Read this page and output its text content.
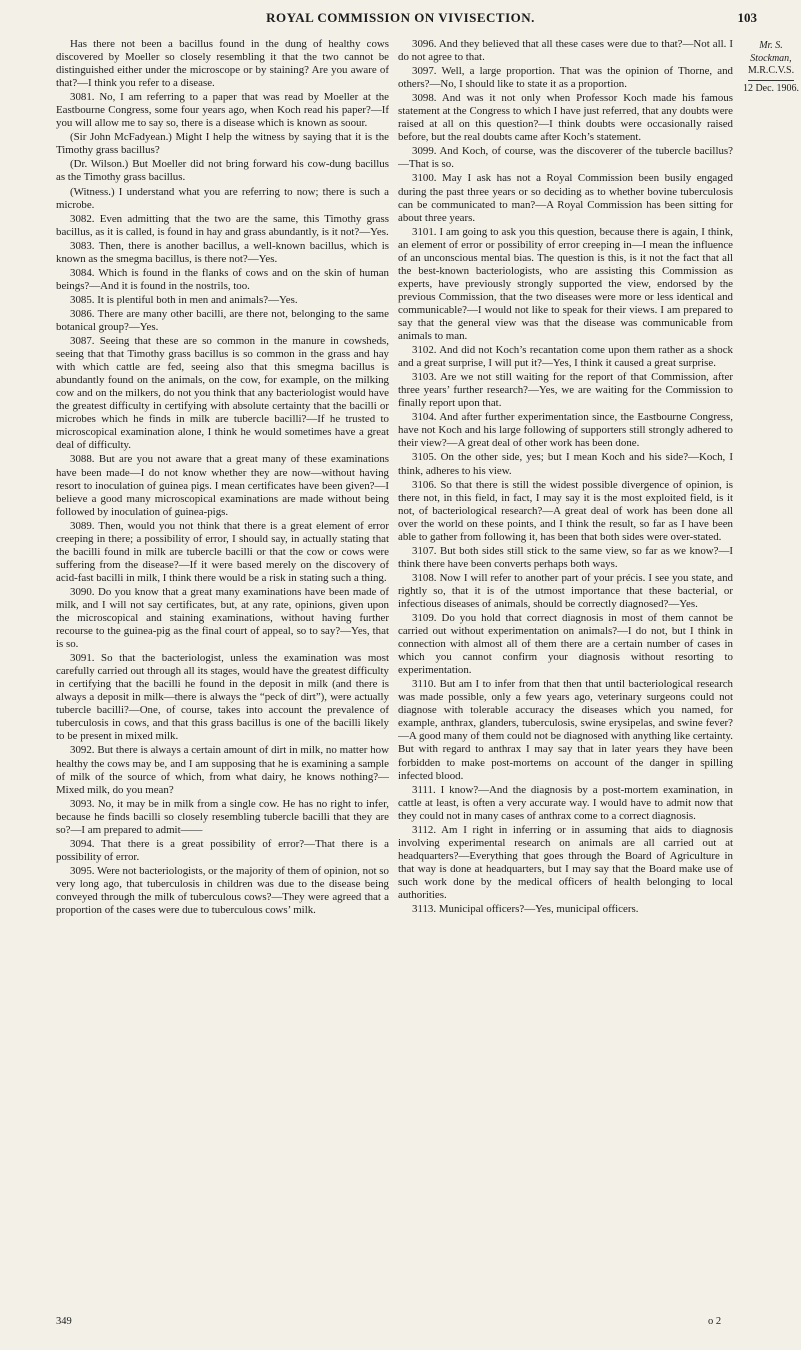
ROYAL COMMISSION ON VIVISECTION.	103

Has there not been a bacillus found in the dung of healthy cows discovered by Moeller so closely resembling it that the two cannot be distinguished either under the microscope or by staining? Are you aware of that?—I think you refer to a disease.

3081. No, I am referring to a paper that was read by Moeller at the Eastbourne Congress, some four years ago, when Koch read his paper?—If you will allow me to say so, there is a disease which is known as soour.

(Sir John McFadyean.) Might I help the witness by saying that it is the Timothy grass bacillus?

(Dr. Wilson.) But Moeller did not bring forward his cow-dung bacillus as the Timothy grass bacillus.

(Witness.) I understand what you are referring to now; there is such a microbe.

3082. Even admitting that the two are the same, this Timothy grass bacillus, as it is called, is found in hay and grass abundantly, is it not?—Yes.

3083. Then, there is another bacillus, a well-known bacillus, which is known as the smegma bacillus, is there not?—Yes.

3084. Which is found in the flanks of cows and on the skin of human beings?—And it is found in the nostrils, too.

3085. It is plentiful both in men and animals?—Yes.

3086. There are many other bacilli, are there not, belonging to the same botanical group?—Yes.

3087. Seeing that these are so common in the manure in cowsheds, seeing that that Timothy grass bacillus is so common in the grass and hay with which cattle are fed, seeing also that this smegma bacillus is abundantly found on the animals, on the cow, for example, on the milking cow and on the milkers, do not you think that any bacteriologist would have the greatest difficulty in certifying with absolute certainty that the bacilli or microbes which he finds in milk are tubercle bacilli?—If he trusted to microscopical examination alone, I think he would sometimes have a great deal of difficulty.

3088. But are you not aware that a great many of these examinations have been made—I do not know whether they are now—without having resort to inoculation of guinea pigs. I mean certificates have been given?—I believe a good many microscopical examinations are made without being followed by inoculation of guinea-pigs.

3089. Then, would you not think that there is a great element of error creeping in there; a possibility of error, I should say, in actually stating that the bacilli found in milk are tubercle bacilli or that the cow or cows were suffering from the disease?—If it were based merely on the discovery of acid-fast bacilli in milk, I think there would be a risk in stating such a thing.

3090. Do you know that a great many examinations have been made of milk, and I will not say certificates, but, at any rate, opinions, given upon the microscopical and staining examinations, without having further recourse to the guinea-pig as the final court of appeal, so to say?—Yes, that is so.

3091. So that the bacteriologist, unless the examination was most carefully carried out through all its stages, would have the greatest difficulty in certifying that the bacilli he found in the deposit in milk (and there is always a deposit in milk—there is always the “peck of dirt”), were actually tubercle bacilli?—One, of course, takes into account the prevalence of tuberculosis in cows, and that this grass bacillus is one of the bacilli likely to be present in mixed milk.

3092. But there is always a certain amount of dirt in milk, no matter how healthy the cows may be, and I am supposing that he is examining a sample of milk of the source of which, from what dairy, he knows nothing?—Mixed milk, do you mean?

3093. No, it may be in milk from a single cow. He has no right to infer, because he finds bacilli so closely resembling tubercle bacilli that they are so?—I am prepared to admit——

3094. That there is a great possibility of error?—That there is a possibility of error.

3095. Were not bacteriologists, or the majority of them of opinion, not so very long ago, that tuberculosis in children was due to the disease being conveyed through the milk of tuberculous cows?—They were agreed that a proportion of the cases were due to tuberculous cows’ milk.

3096. And they believed that all these cases were due to that?—Not all. I do not agree to that.

3097. Well, a large proportion. That was the opinion of Thorne, and others?—No, I should like to state it as a proportion.

3098. And was it not only when Professor Koch made his famous statement at the Congress to which I have just referred, that any doubts were raised at all on this question?—I think doubts were occasionally raised before, but the real doubts came after Koch’s statement.

3099. And Koch, of course, was the discoverer of the tubercle bacillus?—That is so.

3100. May I ask has not a Royal Commission been busily engaged during the past three years or so deciding as to whether bovine tuberculosis can be communicated to man?—A Royal Commission has been sitting for about three years.

3101. I am going to ask you this question, because there is again, I think, an element of error or possibility of error creeping in—I mean the influence of an unconscious mental bias. The question is this, is it not the fact that all the best-known bacteriologists, who are assisting this Commission as experts, have previously strongly supported the view, endorsed by the previous Commission, that the two diseases were more or less identical and communicable?—I would not like to speak for their views. I am prepared to say that the general view was that the disease was communicable from animals to man.

3102. And did not Koch’s recantation come upon them rather as a shock and a great surprise, I will put it?—Yes, I think it caused a great surprise.

3103. Are we not still waiting for the report of that Commission, after three years’ further research?—Yes, we are waiting for the Commission to finally report upon that.

3104. And after further experimentation since, the Eastbourne Congress, have not Koch and his large following of supporters still strongly adhered to their view?—A great deal of other work has been done.

3105. On the other side, yes; but I mean Koch and his side?—Koch, I think, adheres to his view.

3106. So that there is still the widest possible divergence of opinion, is there not, in this field, in fact, I may say it is the most exploited field, is it not, of bacteriological research?—A great deal of work has been done all over the world on these points, and I think the result, so far as I have been able to gather from following it, has been that both sides were over-stated.

3107. But both sides still stick to the same view, so far as we know?—I think there have been converts perhaps both ways.

3108. Now I will refer to another part of your précis. I see you state, and rightly so, that it is of the utmost importance that these bacterial, or infectious diseases of animals, should be correctly diagnosed?—Yes.

3109. Do you hold that correct diagnosis in most of them cannot be carried out without experimentation on animals?—I do not, but I think in connection with almost all of them there are a certain number of cases in which you cannot confirm your diagnosis without resorting to experimentation.

3110. But am I to infer from that then that until bacteriological research was made possible, only a few years ago, veterinary surgeons could not diagnose with tolerable accuracy the diseases which you named, for example, anthrax, glanders, tuberculosis, swine erysipelas, and swine fever?—A good many of them could not be diagnosed with anything like certainty. But with regard to anthrax I may say that in later years they have been forbidden to make post-mortems on account of the danger in spilling infected blood.

3111. I know?—And the diagnosis by a post-mortem examination, in cattle at least, is often a very accurate way. I would have to admit now that they could not in many cases of anthrax come to a correct diagnosis.

3112. Am I right in inferring or in assuming that aids to diagnosis involving experimental research on animals are all carried out at headquarters?—Everything that goes through the Board of Agriculture in that way is done at headquarters, but I may say that the Board make use of such work done by the medical officers of health belonging to local authorities.

3113. Municipal officers?—Yes, municipal officers.

Mr. S. Stockman,
M.R.C.V.S.
12 Dec. 1906.
349	o 2
